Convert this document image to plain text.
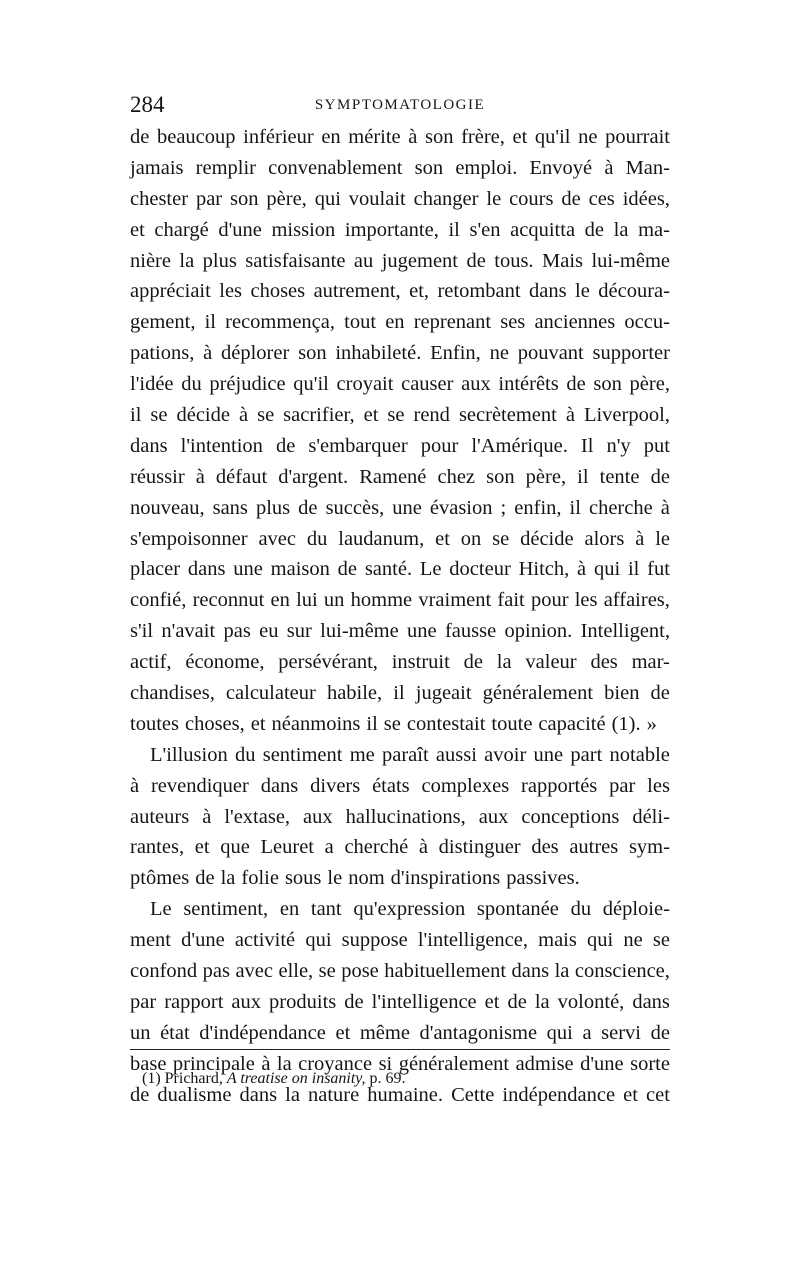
284	SYMPTOMATOLOGIE
de beaucoup inférieur en mérite à son frère, et qu'il ne pourrait
jamais remplir convenablement son emploi. Envoyé à Man-
chester par son père, qui voulait changer le cours de ces idées,
et chargé d'une mission importante, il s'en acquitta de la ma-
nière la plus satisfaisante au jugement de tous. Mais lui-même
appréciait les choses autrement, et, retombant dans le découra-
gement, il recommença, tout en reprenant ses anciennes occu-
pations, à déplorer son inhabileté. Enfin, ne pouvant supporter
l'idée du préjudice qu'il croyait causer aux intérêts de son père,
il se décide à se sacrifier, et se rend secrètement à Liverpool,
dans l'intention de s'embarquer pour l'Amérique. Il n'y put
réussir à défaut d'argent. Ramené chez son père, il tente de
nouveau, sans plus de succès, une évasion ; enfin, il cherche à
s'empoisonner avec du laudanum, et on se décide alors à le
placer dans une maison de santé. Le docteur Hitch, à qui il fut
confié, reconnut en lui un homme vraiment fait pour les affaires,
s'il n'avait pas eu sur lui-même une fausse opinion. Intelligent,
actif, économe, persévérant, instruit de la valeur des mar-
chandises, calculateur habile, il jugeait généralement bien de
toutes choses, et néanmoins il se contestait toute capacité (1). »
L'illusion du sentiment me paraît aussi avoir une part notable
à revendiquer dans divers états complexes rapportés par les
auteurs à l'extase, aux hallucinations, aux conceptions déli-
rantes, et que Leuret a cherché à distinguer des autres sym-
ptômes de la folie sous le nom d'inspirations passives.
Le sentiment, en tant qu'expression spontanée du déploie-
ment d'une activité qui suppose l'intelligence, mais qui ne se
confond pas avec elle, se pose habituellement dans la conscience,
par rapport aux produits de l'intelligence et de la volonté, dans
un état d'indépendance et même d'antagonisme qui a servi de
base principale à la croyance si généralement admise d'une sorte
de dualisme dans la nature humaine. Cette indépendance et cet
(1) Prichard, A treatise on insanity, p. 69.
